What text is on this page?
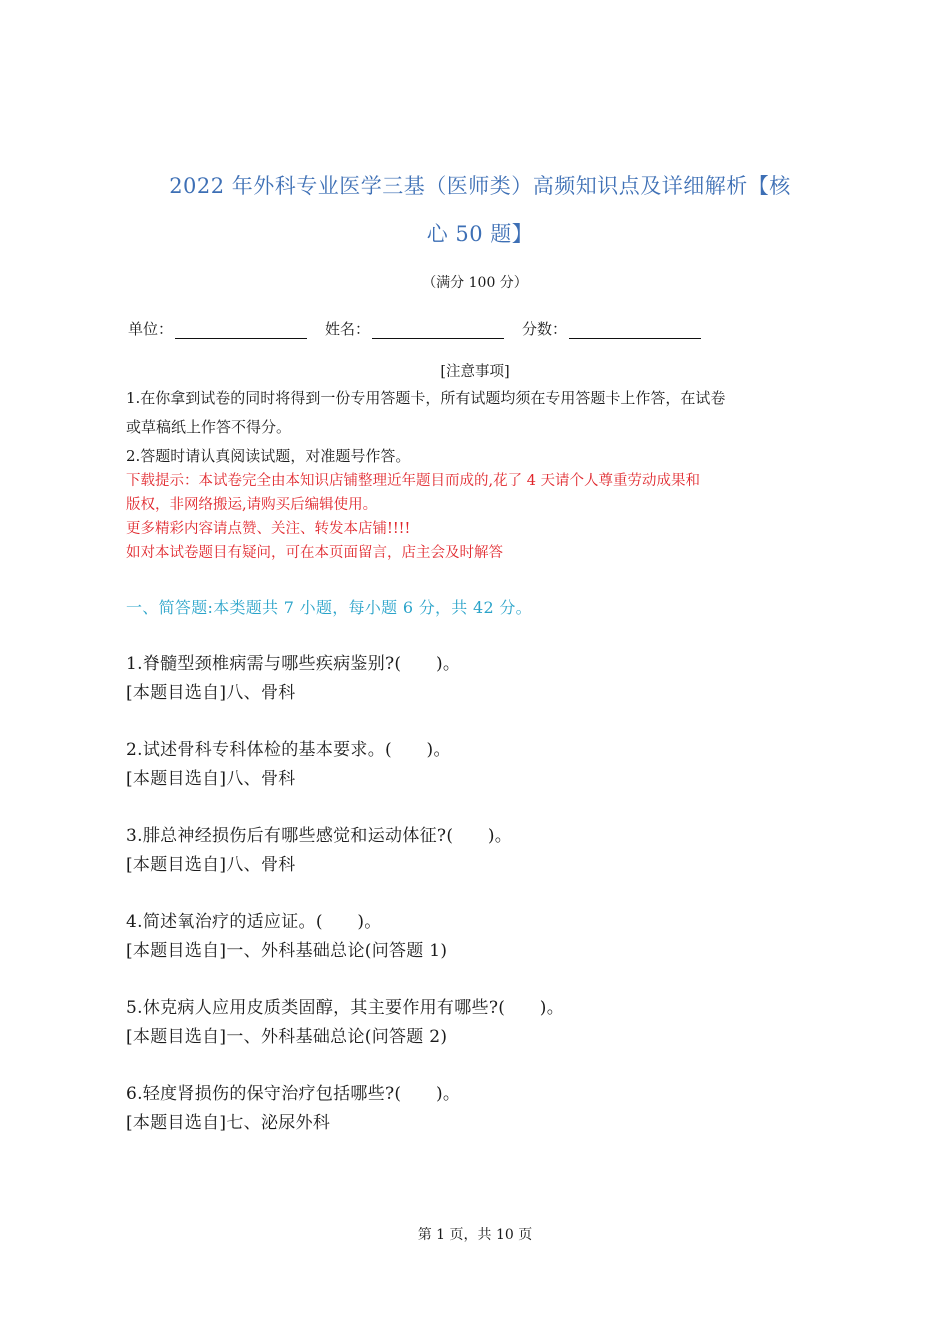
2022 年外科专业医学三基（医师类）高频知识点及详细解析【核
心 50 题】
（满分 100 分）
单位：	姓名：	分数：
[注意事项]
1.在你拿到试卷的同时将得到一份专用答题卡，所有试题均须在专用答题卡上作答，在试卷
或草稿纸上作答不得分。
2.答题时请认真阅读试题，对准题号作答。
下载提示：本试卷完全由本知识店铺整理近年题目而成的,花了 4 天请个人尊重劳动成果和
版权，非网络搬运,请购买后编辑使用。
更多精彩内容请点赞、关注、转发本店铺!!!!
如对本试卷题目有疑问，可在本页面留言，店主会及时解答
一、简答题:本类题共 7 小题，每小题 6 分，共 42 分。
1.脊髓型颈椎病需与哪些疾病鉴别?(　　)。
[本题目选自]八、骨科
2.试述骨科专科体检的基本要求。(　　)。
[本题目选自]八、骨科
3.腓总神经损伤后有哪些感觉和运动体征?(　　)。
[本题目选自]八、骨科
4.简述氧治疗的适应证。(　　)。
[本题目选自]一、外科基础总论(问答题 1)
5.休克病人应用皮质类固醇，其主要作用有哪些?(　　)。
[本题目选自]一、外科基础总论(问答题 2)
6.轻度肾损伤的保守治疗包括哪些?(　　)。
[本题目选自]七、泌尿外科
第 1 页，共 10 页
